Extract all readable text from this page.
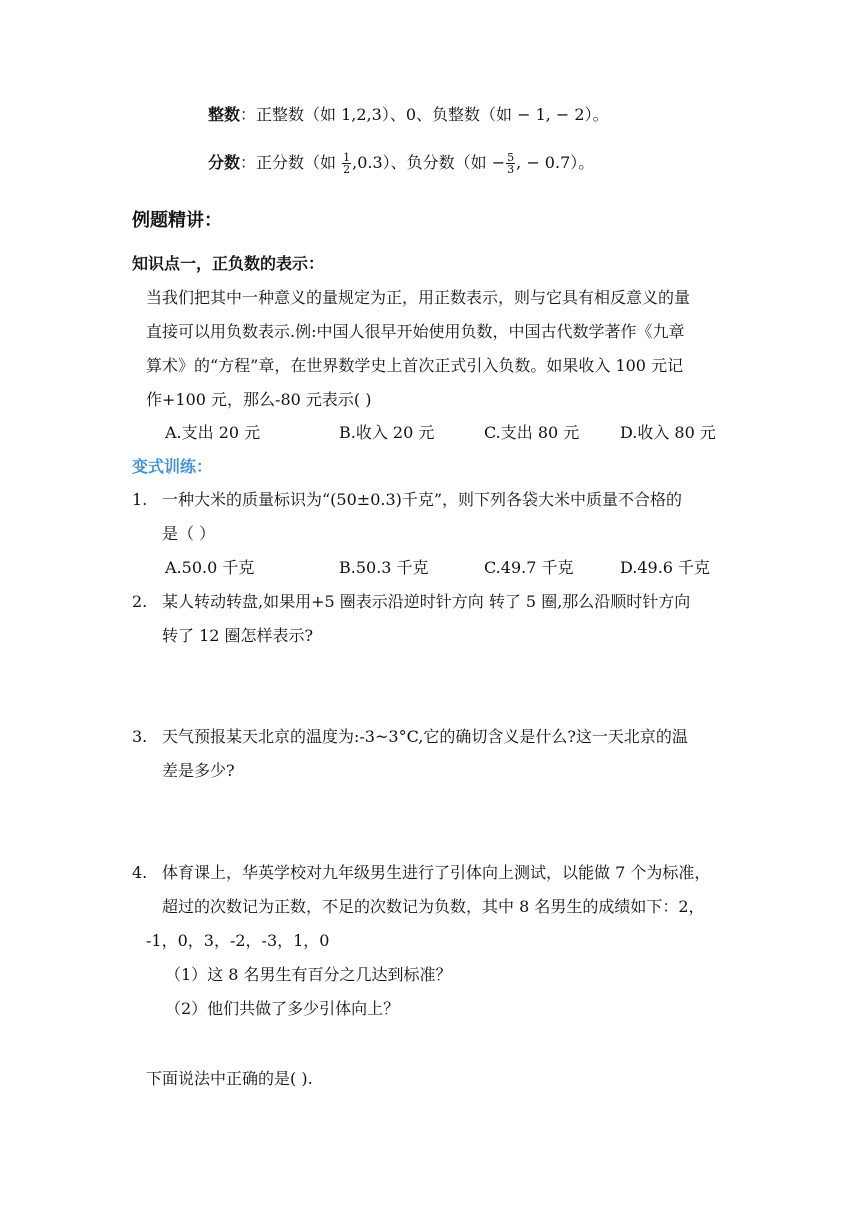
整数：正整数（如 1,2,3）、0、负整数（如 − 1, − 2）。
分数：正分数（如 $\frac{1}{2} ,0.3$）、负分数（如 − $\frac{5}{3}$ , − 0.7）。
例题精讲：
知识点一，正负数的表示：
当我们把其中一种意义的量规定为正，用正数表示，则与它具有相反意义的量
直接可以用负数表示.例:中国人很早开始使用负数，中国古代数学著作《九章
算术》的“方程”章，在世界数学史上首次正式引入负数。如果收入 100 元记
作+100 元，那么-80 元表示( )
A.支出 20 元	B.收入 20 元	C.支出 80 元	D.收入 80 元
变式训练：
1. 一种大米的质量标识为“(50±0.3)千克”，则下列各袋大米中质量不合格的
是（ ）
A.50.0 千克	B.50.3 千克	C.49.7 千克	D.49.6 千克
2. 某人转动转盘,如果用+5 圈表示沿逆时针方向 转了 5 圈,那么沿顺时针方向
转了 12 圈怎样表示?
3. 天气预报某天北京的温度为:-3~3°C,它的确切含义是什么?这一天北京的温
差是多少?
4. 体育课上，华英学校对九年级男生进行了引体向上测试，以能做 7 个为标准，
超过的次数记为正数，不足的次数记为负数，其中 8 名男生的成绩如下：2，
-1，0，3，-2，-3，1，0
（1）这 8 名男生有百分之几达到标准？
（2）他们共做了多少引体向上？
下面说法中正确的是( ).
